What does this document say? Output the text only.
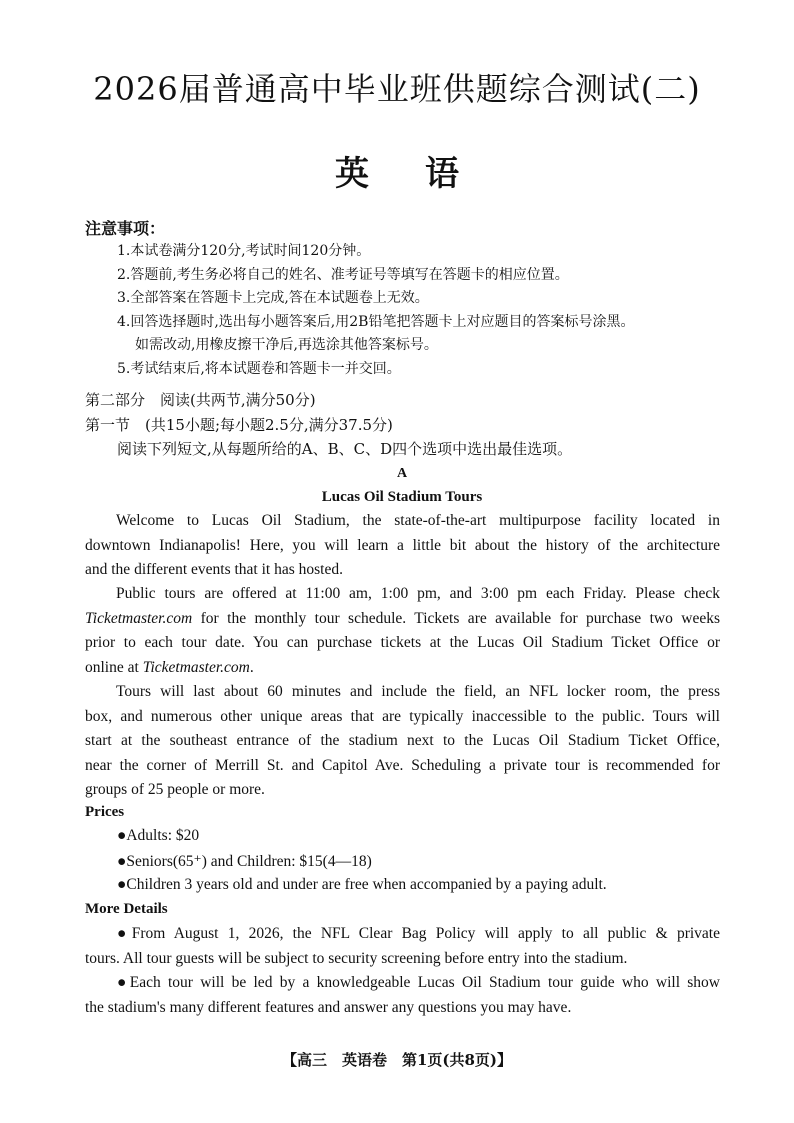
2026届普通高中毕业班供题综合测试(二)
英语
注意事项：
1.本试卷满分120分,考试时间120分钟。
2.答题前,考生务必将自己的姓名、准考证号等填写在答题卡的相应位置。
3.全部答案在答题卡上完成,答在本试题卷上无效。
4.回答选择题时,选出每小题答案后,用2B铅笔把答题卡上对应题目的答案标号涂黑。
如需改动,用橡皮擦干净后,再选涂其他答案标号。
5.考试结束后,将本试题卷和答题卡一并交回。
第二部分　阅读(共两节,满分50分)
第一节　(共15小题;每小题2.5分,满分37.5分)
阅读下列短文,从每题所给的A、B、C、D四个选项中选出最佳选项。
A
Lucas Oil Stadium Tours
Welcome to Lucas Oil Stadium, the state-of-the-art multipurpose facility located in
downtown Indianapolis! Here, you will learn a little bit about the history of the architecture
and the different events that it has hosted.
Public tours are offered at 11:00 am, 1:00 pm, and 3:00 pm each Friday. Please check
Ticketmaster.com for the monthly tour schedule. Tickets are available for purchase two weeks
prior to each tour date. You can purchase tickets at the Lucas Oil Stadium Ticket Office or
online at Ticketmaster.com.
Tours will last about 60 minutes and include the field, an NFL locker room, the press
box, and numerous other unique areas that are typically inaccessible to the public. Tours will
start at the southeast entrance of the stadium next to the Lucas Oil Stadium Ticket Office,
near the corner of Merrill St. and Capitol Ave. Scheduling a private tour is recommended for
groups of 25 people or more.
Prices
●Adults: $20
●Seniors(65⁺) and Children: $15(4—18)
●Children 3 years old and under are free when accompanied by a paying adult.
More Details
●From August 1, 2026, the NFL Clear Bag Policy will apply to all public & private
tours. All tour guests will be subject to security screening before entry into the stadium.
●Each tour will be led by a knowledgeable Lucas Oil Stadium tour guide who will show
the stadium's many different features and answer any questions you may have.
【高三　英语卷　第1页(共8页)】
